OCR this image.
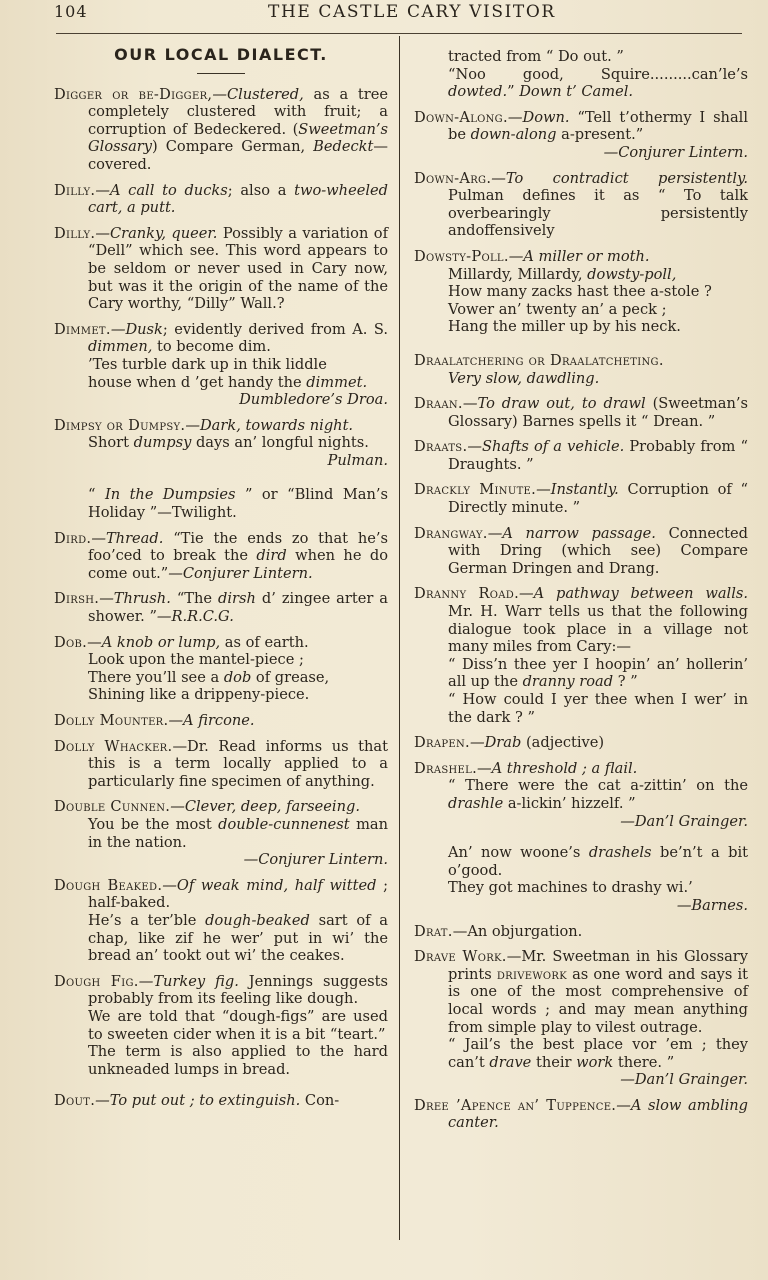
104	THE CASTLE CARY VISITOR
OUR LOCAL DIALECT.

Digger or be-Digger,—Clustered, as a tree completely clustered with fruit; a corruption of Bedeckered. (Sweetman’s Glossary) Compare German, Bedeckt—covered.

Dilly.—A call to ducks; also a two-wheeled cart, a putt.

Dilly.—Cranky, queer. Possibly a variation of “Dell” which see. This word appears to be seldom or never used in Cary now, but was it the origin of the name of the Cary worthy, “Dilly” Wall.?

Dimmet.—Dusk; evidently derived from A. S. dimmen, to become dim.
’Tes turble dark up in thik liddle
house when d ’get handy the dimmet.
Dumbledore’s Droa.

Dimpsy or Dumpsy.—Dark, towards night.
Short dumpsy days an’ longful nights.
Pulman.
“ In the Dumpsies ” or “Blind Man’s Holiday ”—Twilight.

Dird.—Thread. “Tie the ends zo that he’s foo’ced to break the dird when he do come out.”—Conjurer Lintern.

Dirsh.—Thrush. “The dirsh d’ zingee arter a shower. ”—R.R.C.G.

Dob.—A knob or lump, as of earth.
Look upon the mantel-piece ;
There you’ll see a dob of grease,
Shining like a drippeny-piece.

Dolly Mounter.—A fircone.

Dolly Whacker.—Dr. Read informs us that this is a term locally applied to a particularly fine specimen of anything.

Double Cunnen.—Clever, deep, farseeing.
You be the most double-cunnenest man in the nation.
—Conjurer Lintern.

Dough Beaked.—Of weak mind, half witted ; half-baked.
He’s a ter’ble dough-beaked sart of a chap, like zif he wer’ put in wi’ the bread an’ tookt out wi’ the ceakes.

Dough Fig.—Turkey fig. Jennings suggests probably from its feeling like dough.
We are told that “dough-figs” are used to sweeten cider when it is a bit “teart.”
The term is also applied to the hard unkneaded lumps in bread.

Dout.—To put out ; to extinguish. Con-

tracted from “ Do out. ”
“Noo good, Squire.........can’le’s dowted.” Down t’ Camel.

Down-Along.—Down. “Tell t’othermy I shall be down-along a-present.”
—Conjurer Lintern.

Down-Arg.—To contradict persistently. Pulman defines it as “ To talk overbearingly persistently andoffensively

Dowsty-Poll.—A miller or moth.
Millardy, Millardy, dowsty-poll,
How many zacks hast thee a-stole ?
Vower an’ twenty an’ a peck ;
Hang the miller up by his neck.

Draalatchering or Draalatcheting.
Very slow, dawdling.

Draan.—To draw out, to drawl (Sweetman’s Glossary) Barnes spells it “ Drean. ”

Draats.—Shafts of a vehicle. Probably from “ Draughts. ”

Drackly Minute.—Instantly. Corruption of “ Directly minute. ”

Drangway.—A narrow passage. Connected with Dring (which see) Compare German Dringen and Drang.

Dranny Road.—A pathway between walls. Mr. H. Warr tells us that the following dialogue took place in a village not many miles from Cary:—
“ Diss’n thee yer I hoopin’ an’ hollerin’ all up the dranny road ? ”
“ How could I yer thee when I wer’ in the dark ? ”

Drapen.—Drab (adjective)

Drashel.—A threshold ; a flail.
“ There were the cat a-zittin’ on the drashle a-lickin’ hizzelf. ”
—Dan’l Grainger.
An’ now woone’s drashels be’n’t a bit o’good.
They got machines to drashy wi.’
—Barnes.

Drat.—An objurgation.

Drave Work.—Mr. Sweetman in his Glossary prints drivework as one word and says it is one of the most comprehensive of local words ; and may mean anything from simple play to vilest outrage.
“ Jail’s the best place vor ’em ; they can’t drave their work there. ”
—Dan’l Grainger.

Dree ’Apence an’ Tuppence.—A slow ambling canter.
